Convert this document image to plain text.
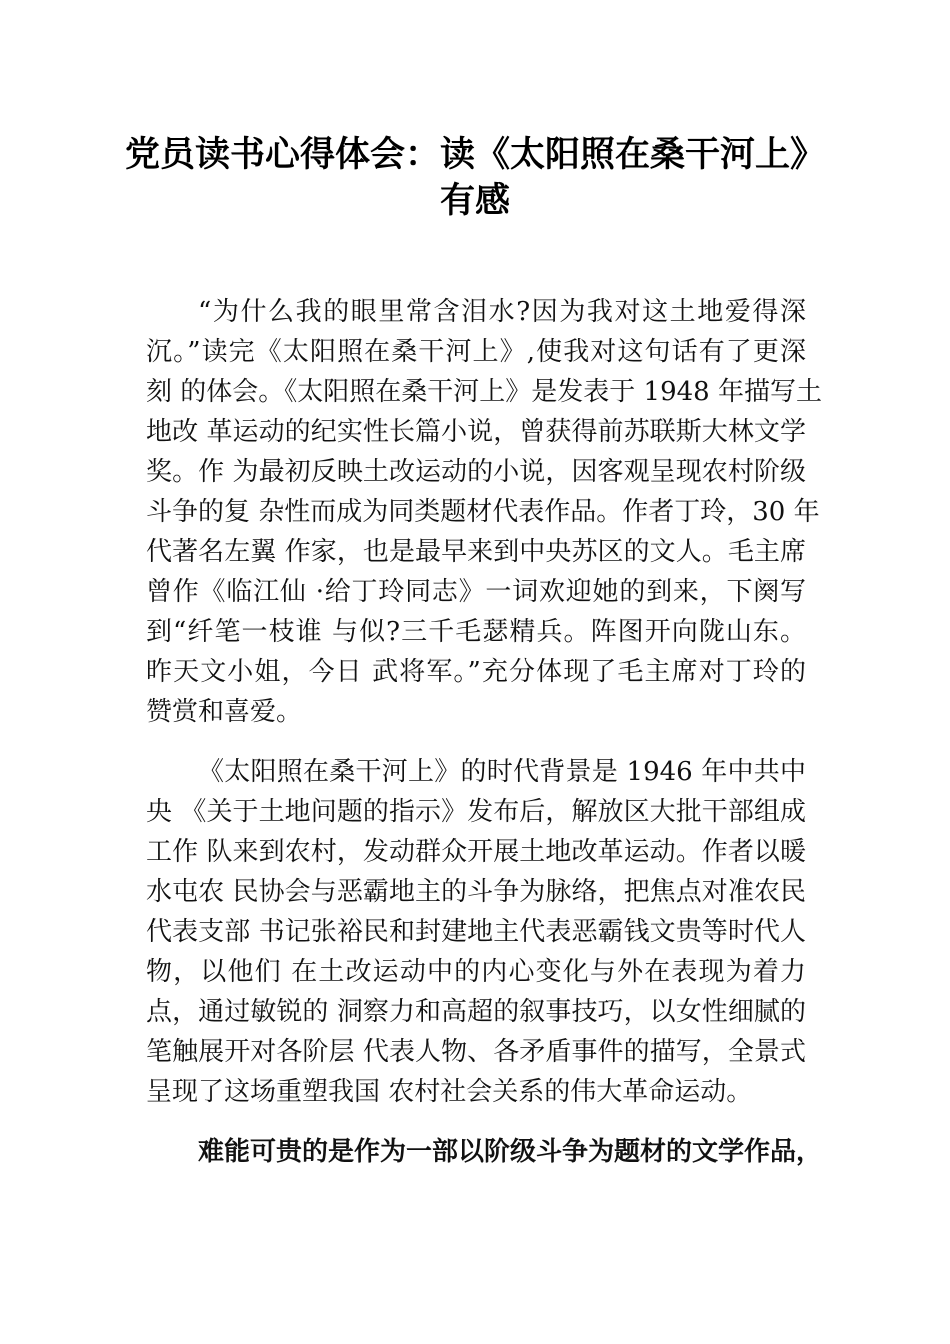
党员读书心得体会：读《太阳照在桑干河上》
有感

“为什么我的眼里常含泪水?因为我对这土地爱得深
沉。”读完《太阳照在桑干河上》,使我对这句话有了更深
刻 的体会。《太阳照在桑干河上》是发表于 1948 年描写土
地改 革运动的纪实性长篇小说，曾获得前苏联斯大林文学
奖。作 为最初反映土改运动的小说，因客观呈现农村阶级
斗争的复 杂性而成为同类题材代表作品。作者丁玲，30 年
代著名左翼 作家，也是最早来到中央苏区的文人。毛主席
曾作《临江仙 ·给丁玲同志》一词欢迎她的到来，下阕写
到“纤笔一枝谁 与似?三千毛瑟精兵。阵图开向陇山东。
昨天文小姐，今日 武将军。”充分体现了毛主席对丁玲的
赞赏和喜爱。

《太阳照在桑干河上》的时代背景是 1946 年中共中
央 《关于土地问题的指示》发布后，解放区大批干部组成
工作 队来到农村，发动群众开展土地改革运动。作者以暖
水屯农 民协会与恶霸地主的斗争为脉络，把焦点对准农民
代表支部 书记张裕民和封建地主代表恶霸钱文贵等时代人
物，以他们 在土改运动中的内心变化与外在表现为着力
点，通过敏锐的 洞察力和高超的叙事技巧，以女性细腻的
笔触展开对各阶层 代表人物、各矛盾事件的描写，全景式
呈现了这场重塑我国 农村社会关系的伟大革命运动。

难能可贵的是作为一部以阶级斗争为题材的文学作品，
